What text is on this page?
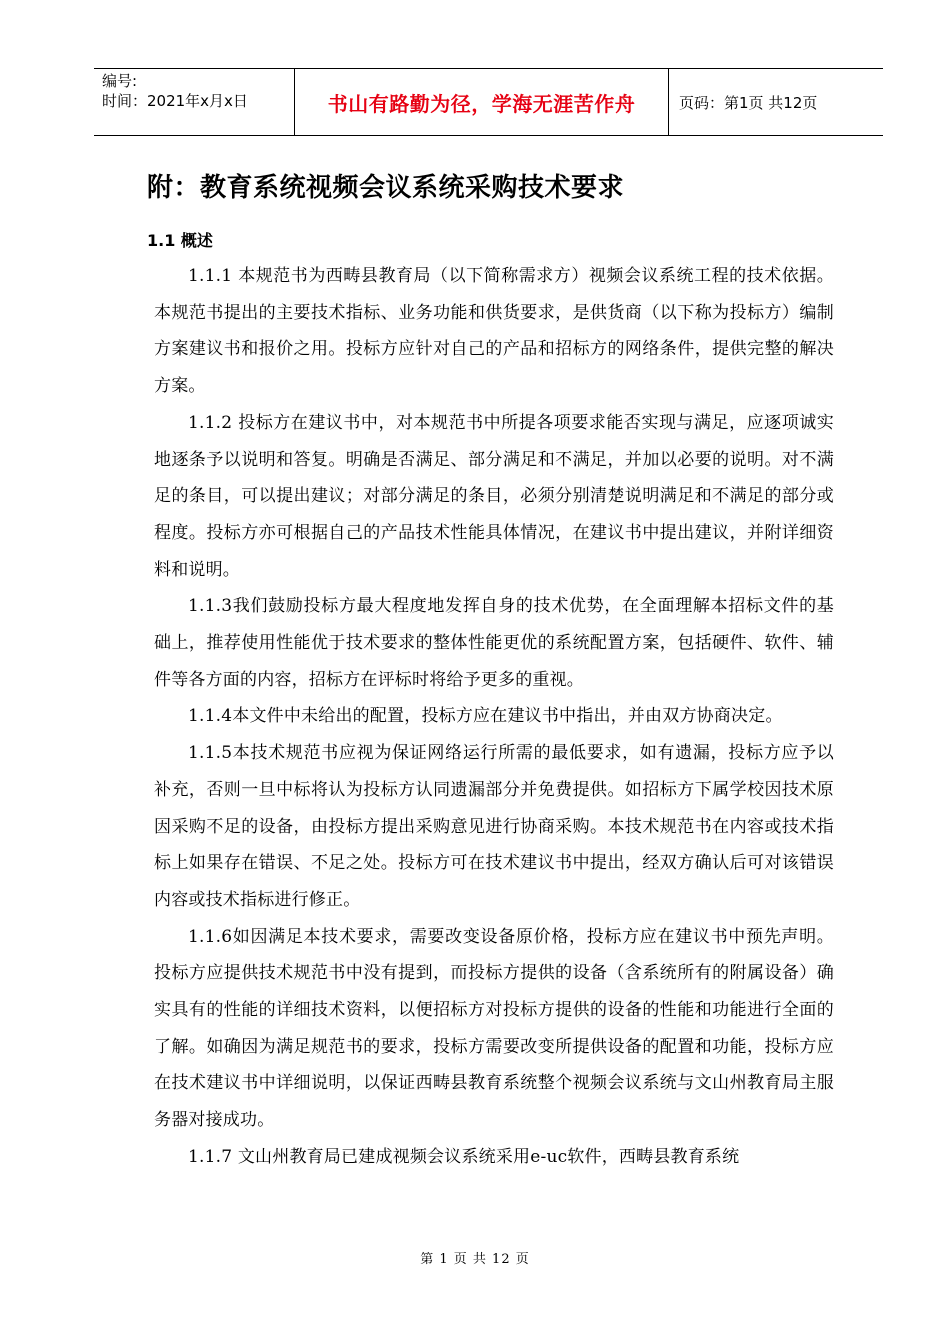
编号:
时间：2021年x月x日	书山有路勤为径，学海无涯苦作舟	页码：第1页 共12页
附：教育系统视频会议系统采购技术要求
1.1 概述

1.1.1 本规范书为西畴县教育局（以下简称需求方）视频会议系统工程的技术依据。本规范书提出的主要技术指标、业务功能和供货要求，是供货商（以下称为投标方）编制方案建议书和报价之用。投标方应针对自己的产品和招标方的网络条件，提供完整的解决方案。

1.1.2 投标方在建议书中，对本规范书中所提各项要求能否实现与满足，应逐项诚实地逐条予以说明和答复。明确是否满足、部分满足和不满足，并加以必要的说明。对不满足的条目，可以提出建议；对部分满足的条目，必须分别清楚说明满足和不满足的部分或程度。投标方亦可根据自己的产品技术性能具体情况，在建议书中提出建议，并附详细资料和说明。

1.1.3我们鼓励投标方最大程度地发挥自身的技术优势，在全面理解本招标文件的基础上，推荐使用性能优于技术要求的整体性能更优的系统配置方案，包括硬件、软件、辅件等各方面的内容，招标方在评标时将给予更多的重视。

1.1.4本文件中未给出的配置，投标方应在建议书中指出，并由双方协商决定。

1.1.5本技术规范书应视为保证网络运行所需的最低要求，如有遗漏，投标方应予以补充，否则一旦中标将认为投标方认同遗漏部分并免费提供。如招标方下属学校因技术原因采购不足的设备，由投标方提出采购意见进行协商采购。本技术规范书在内容或技术指标上如果存在错误、不足之处。投标方可在技术建议书中提出，经双方确认后可对该错误内容或技术指标进行修正。

1.1.6如因满足本技术要求，需要改变设备原价格，投标方应在建议书中预先声明。投标方应提供技术规范书中没有提到，而投标方提供的设备（含系统所有的附属设备）确实具有的性能的详细技术资料，以便招标方对投标方提供的设备的性能和功能进行全面的了解。如确因为满足规范书的要求，投标方需要改变所提供设备的配置和功能，投标方应在技术建议书中详细说明，以保证西畴县教育系统整个视频会议系统与文山州教育局主服务器对接成功。

1.1.7 文山州教育局已建成视频会议系统采用e-uc软件，西畴县教育系统

第 1 页 共 12 页
